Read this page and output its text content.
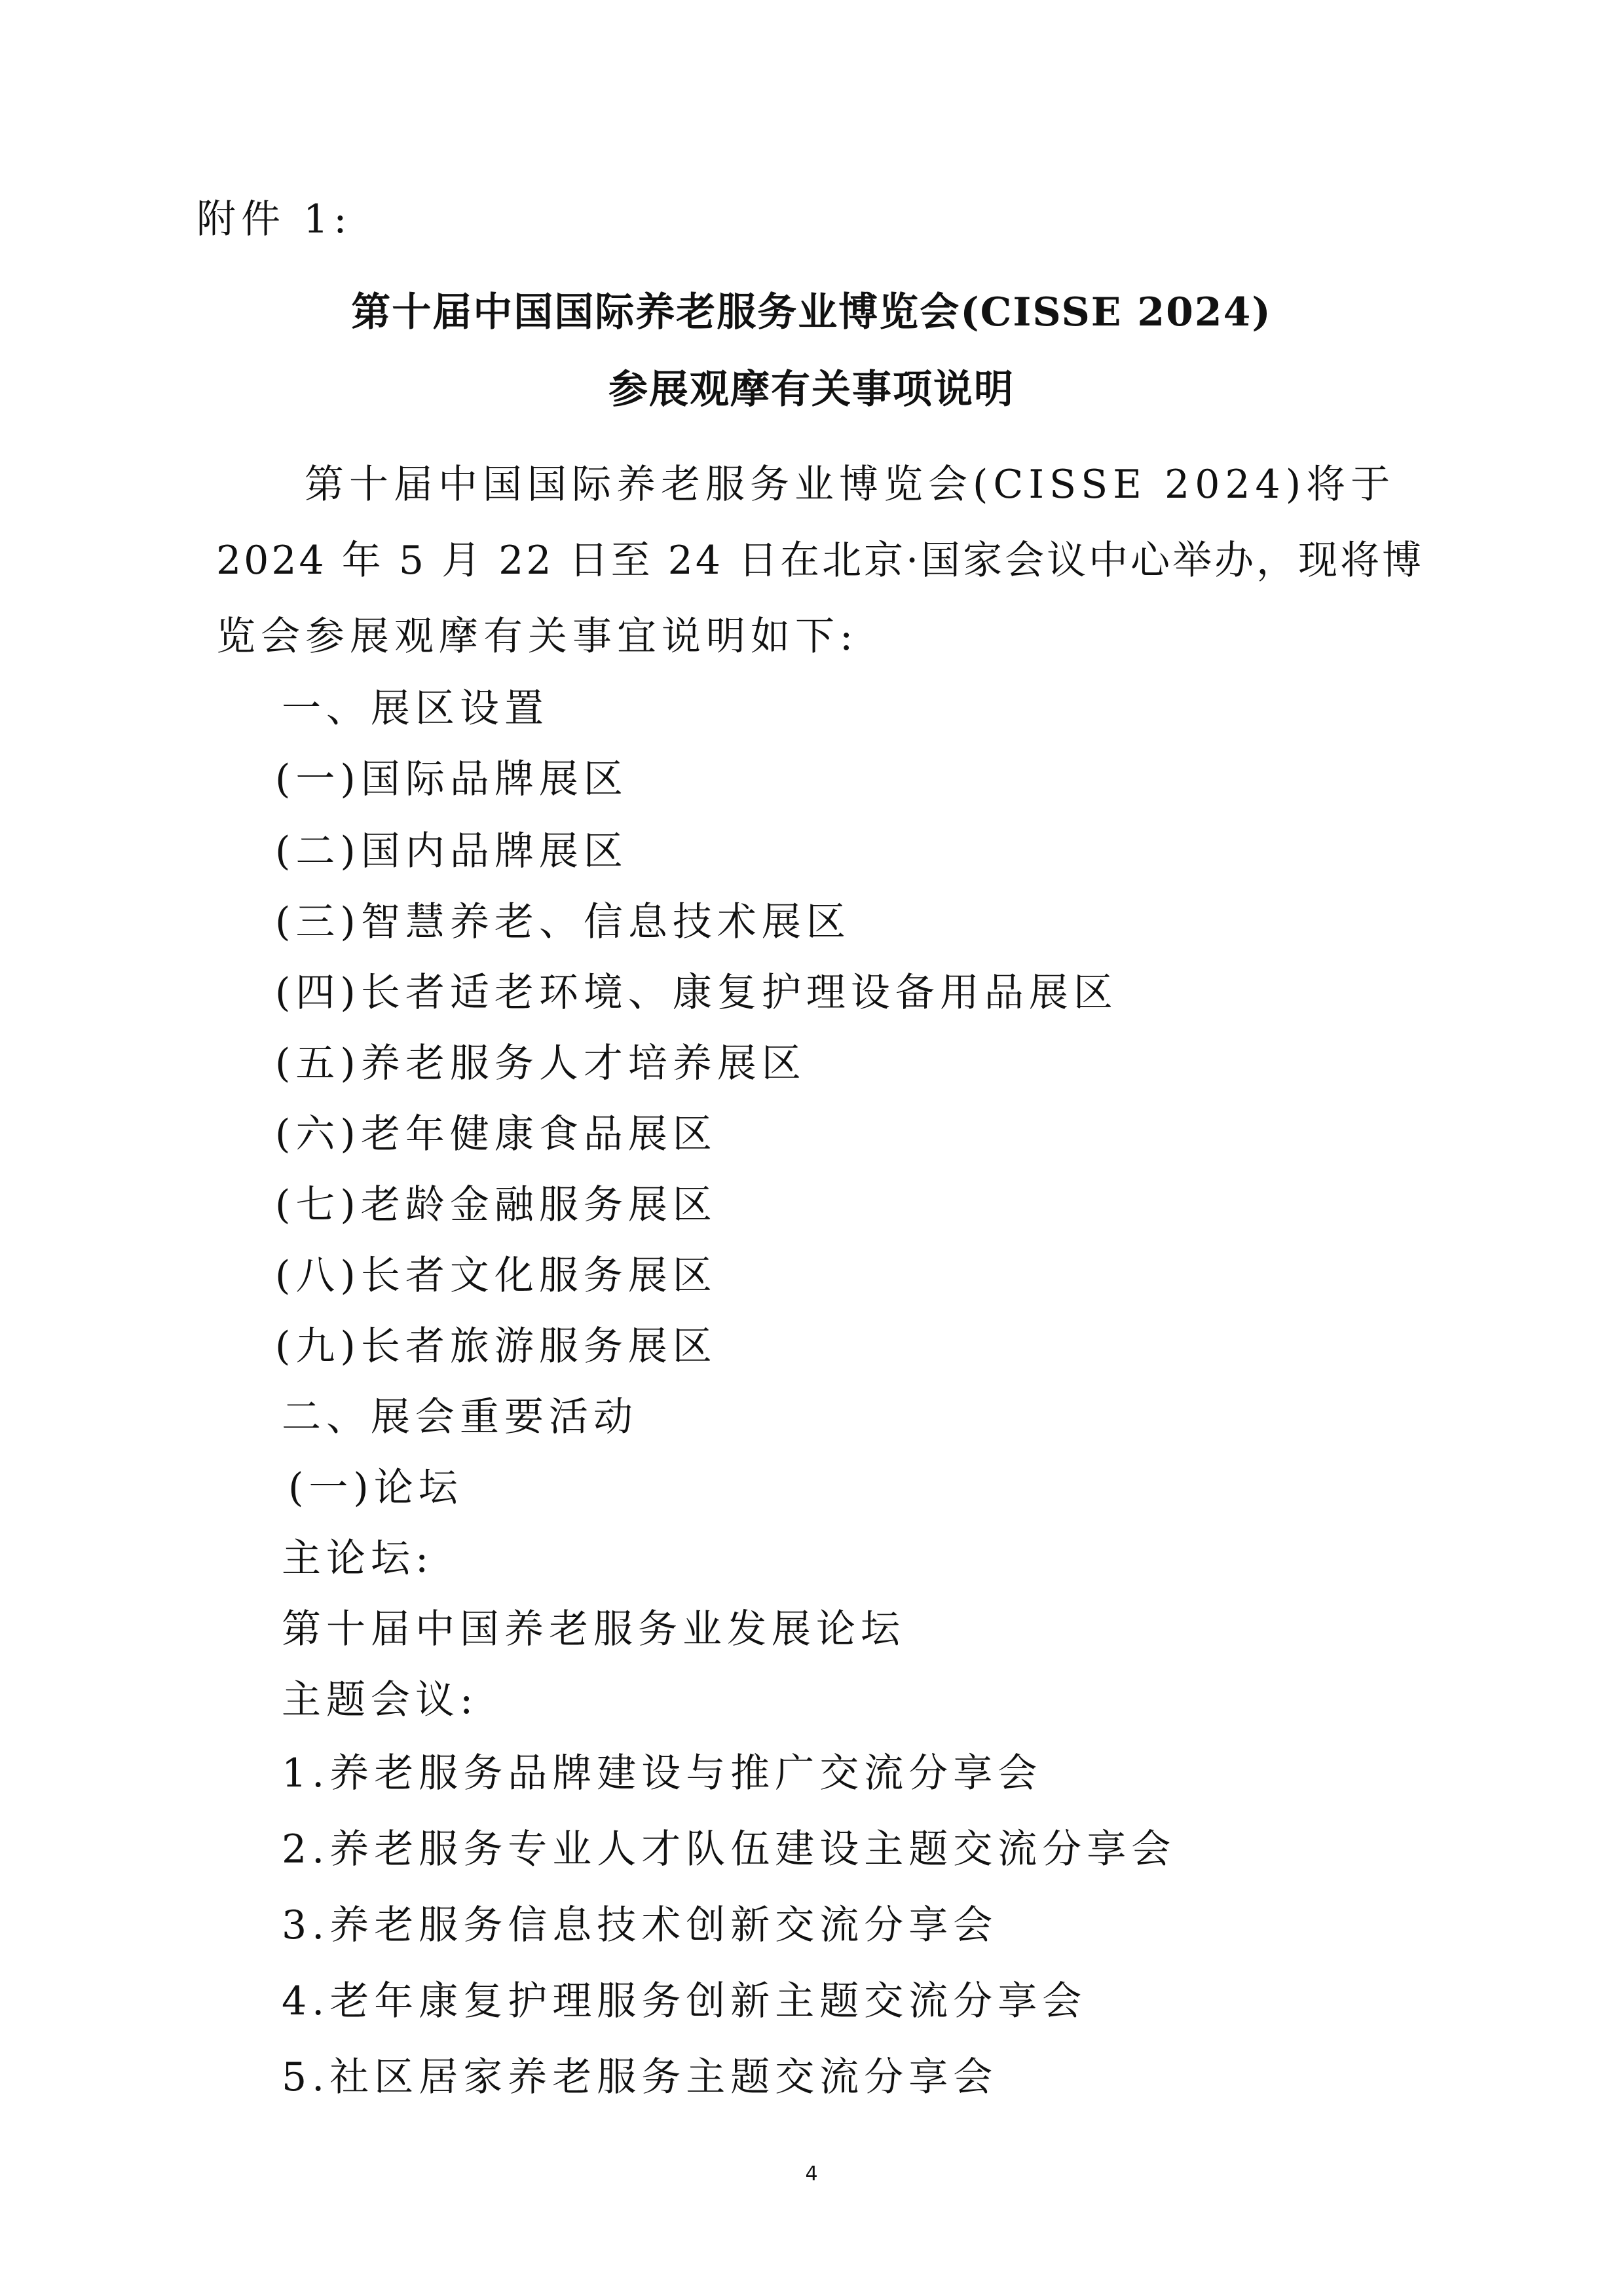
附件 1:
第十届中国国际养老服务业博览会(CISSE 2024)
参展观摩有关事项说明
第十届中国国际养老服务业博览会(CISSE 2024)将于
2024 年 5 月 22 日至 24 日在北京·国家会议中心举办，现将博
览会参展观摩有关事宜说明如下:
一、展区设置
(一)国际品牌展区
(二)国内品牌展区
(三)智慧养老、信息技术展区
(四)长者适老环境、康复护理设备用品展区
(五)养老服务人才培养展区
(六)老年健康食品展区
(七)老龄金融服务展区
(八)长者文化服务展区
(九)长者旅游服务展区
二、展会重要活动
(一)论坛
主论坛:
第十届中国养老服务业发展论坛
主题会议:
1.养老服务品牌建设与推广交流分享会
2.养老服务专业人才队伍建设主题交流分享会
3.养老服务信息技术创新交流分享会
4.老年康复护理服务创新主题交流分享会
5.社区居家养老服务主题交流分享会
4
